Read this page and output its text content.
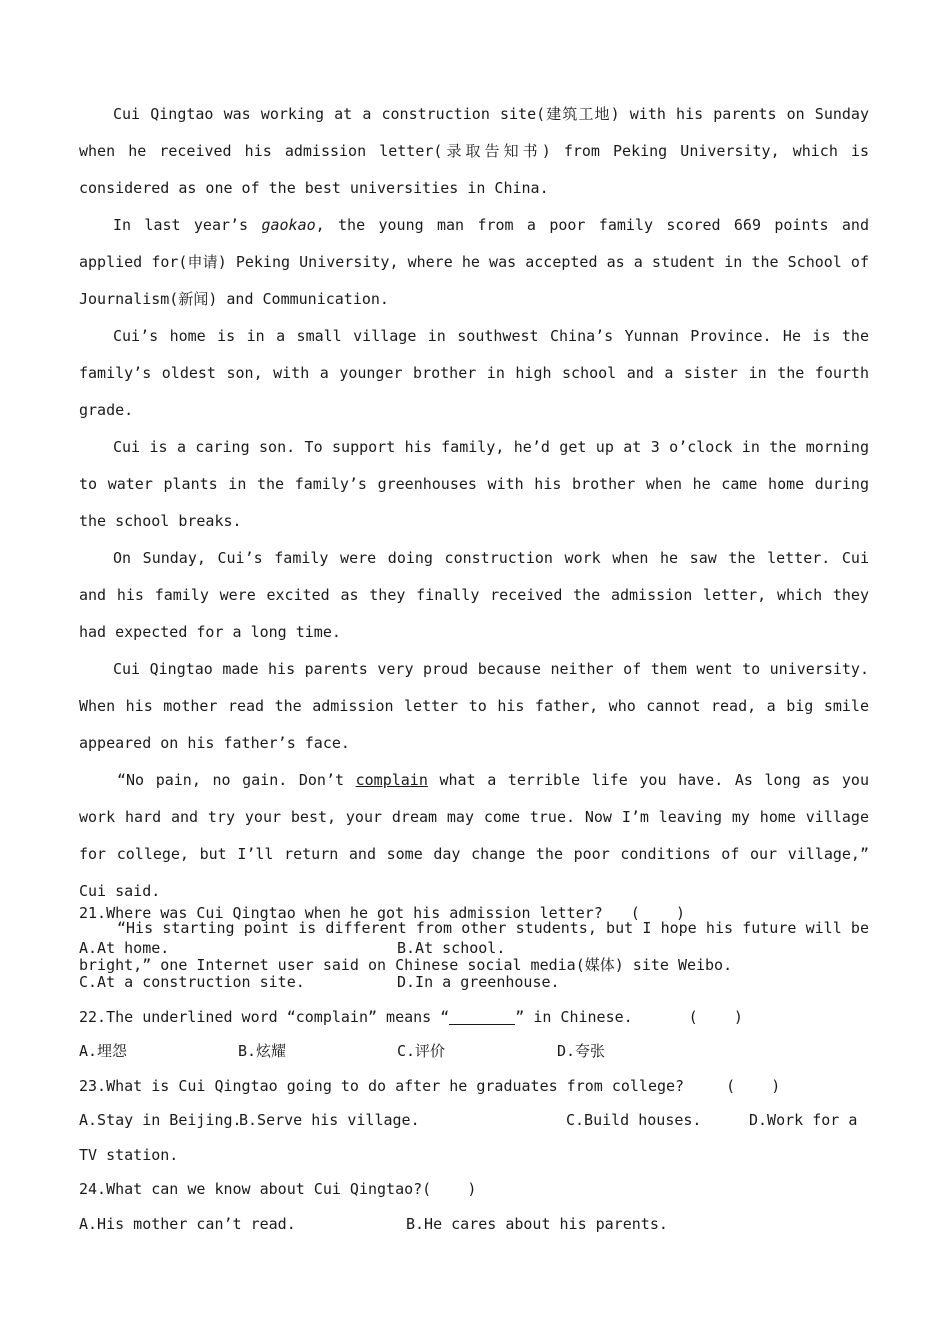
Cui Qingtao was working at a construction site(建筑工地) with his parents on Sunday when he received his admission letter(录取告知书) from Peking University, which is considered as one of the best universities in China.

In last year’s gaokao, the young man from a poor family scored 669 points and applied for(申请) Peking University, where he was accepted as a student in the School of Journalism(新闻) and Communication.

Cui’s home is in a small village in southwest China’s Yunnan Province. He is the family’s oldest son, with a younger brother in high school and a sister in the fourth grade.

Cui is a caring son. To support his family, he’d get up at 3 o’clock in the morning to water plants in the family’s greenhouses with his brother when he came home during the school breaks.

On Sunday, Cui’s family were doing construction work when he saw the letter. Cui and his family were excited as they finally received the admission letter, which they had expected for a long time.

Cui Qingtao made his parents very proud because neither of them went to university. When his mother read the admission letter to his father, who cannot read, a big smile appeared on his father’s face.

“No pain, no gain. Don’t complain what a terrible life you have. As long as you work hard and try your best, your dream may come true. Now I’m leaving my home village for college, but I’ll return and some day change the poor conditions of our village,” Cui said.

“His starting point is different from other students, but I hope his future will be bright,” one Internet user said on Chinese social media(媒体) site Weibo.

21.Where was Cui Qingtao when he got his admission letter? (    )
A.At home.	B.At school.
C.At a construction site.	D.In a greenhouse.
22.The underlined word “complain” means “	” in Chinese.	(    )
A.埋怨	B.炫耀	C.评价	D.夸张
23.What is Cui Qingtao going to do after he graduates from college?	(    )
A.Stay in Beijing.
B.Serve his village.	C.Build houses.	D.Work for a
TV station.
24.What can we know about Cui Qingtao?(    )
A.His mother can’t read.	B.He cares about his parents.
